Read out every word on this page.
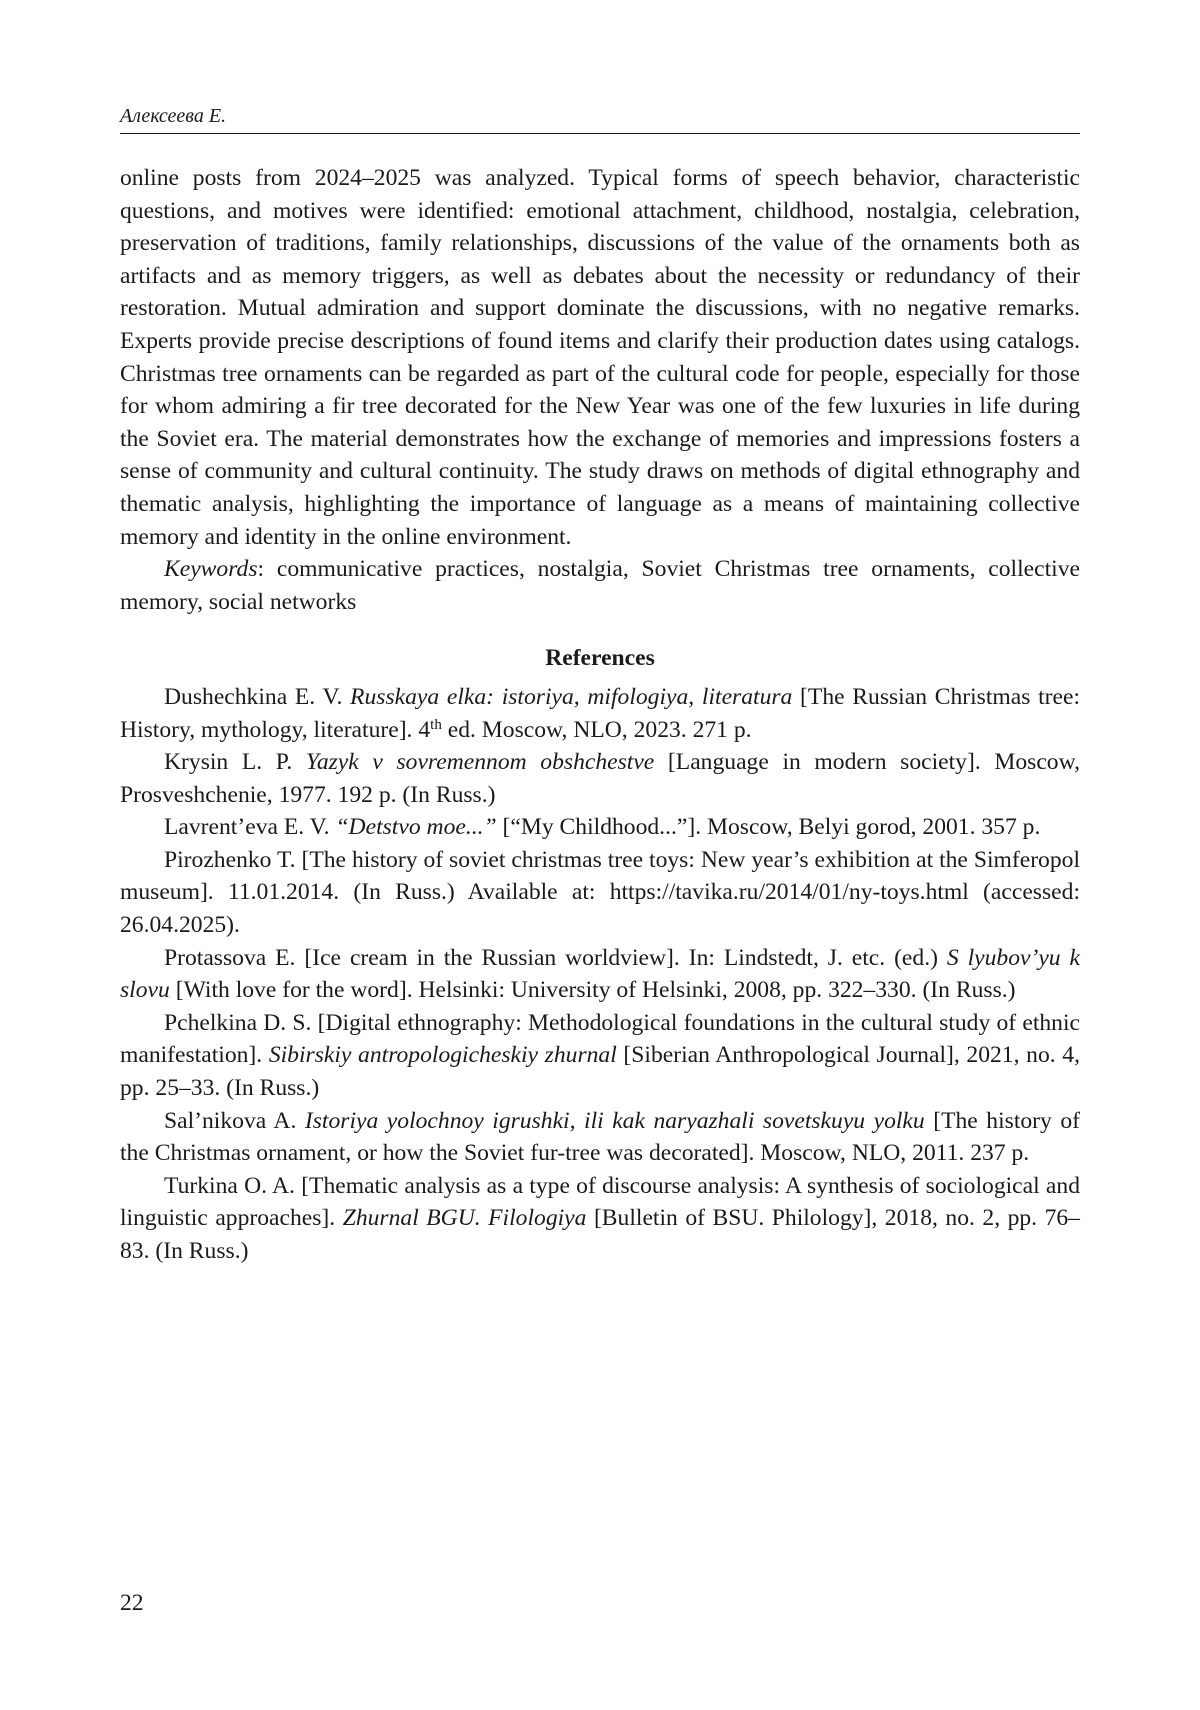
Алексеева Е.

online posts from 2024–2025 was analyzed. Typical forms of speech behavior, characteristic questions, and motives were identified: emotional attachment, childhood, nostalgia, celebration, preservation of traditions, family relationships, discussions of the value of the ornaments both as artifacts and as memory triggers, as well as debates about the necessity or redundancy of their restoration. Mutual admiration and support dominate the discussions, with no negative remarks. Experts provide precise descriptions of found items and clarify their production dates using catalogs. Christmas tree ornaments can be regarded as part of the cultural code for people, especially for those for whom admiring a fir tree decorated for the New Year was one of the few luxuries in life during the Soviet era. The material demonstrates how the exchange of memories and impressions fosters a sense of community and cultural continuity. The study draws on methods of digital ethnography and thematic analysis, highlighting the importance of language as a means of maintaining collective memory and identity in the online environment.

Keywords: communicative practices, nostalgia, Soviet Christmas tree ornaments, collective memory, social networks

References

Dushechkina E. V. Russkaya elka: istoriya, mifologiya, literatura [The Russian Christmas tree: History, mythology, literature]. 4th ed. Moscow, NLO, 2023. 271 p.

Krysin L. P. Yazyk v sovremennom obshchestve [Language in modern society]. Moscow, Prosveshchenie, 1977. 192 p. (In Russ.)

Lavrent’eva E. V. “Detstvo moe...” [“My Childhood...”]. Moscow, Belyi gorod, 2001. 357 p.

Pirozhenko T. [The history of soviet christmas tree toys: New year’s exhibition at the Simferopol museum]. 11.01.2014. (In Russ.) Available at: https://tavika.ru/2014/01/ny-toys.html (accessed: 26.04.2025).

Protassova E. [Ice cream in the Russian worldview]. In: Lindstedt, J. etc. (ed.) S lyubov’yu k slovu [With love for the word]. Helsinki: University of Helsinki, 2008, pp. 322–330. (In Russ.)

Pchelkina D. S. [Digital ethnography: Methodological foundations in the cultural study of ethnic manifestation]. Sibirskiy antropologicheskiy zhurnal [Siberian Anthropological Journal], 2021, no. 4, pp. 25–33. (In Russ.)

Sal’nikova A. Istoriya yolochnoy igrushki, ili kak naryazhali sovetskuyu yolku [The history of the Christmas ornament, or how the Soviet fur-tree was decorated]. Moscow, NLO, 2011. 237 p.

Turkina O. A. [Thematic analysis as a type of discourse analysis: A synthesis of sociological and linguistic approaches]. Zhurnal BGU. Filologiya [Bulletin of BSU. Philology], 2018, no. 2, pp. 76–83. (In Russ.)

22
